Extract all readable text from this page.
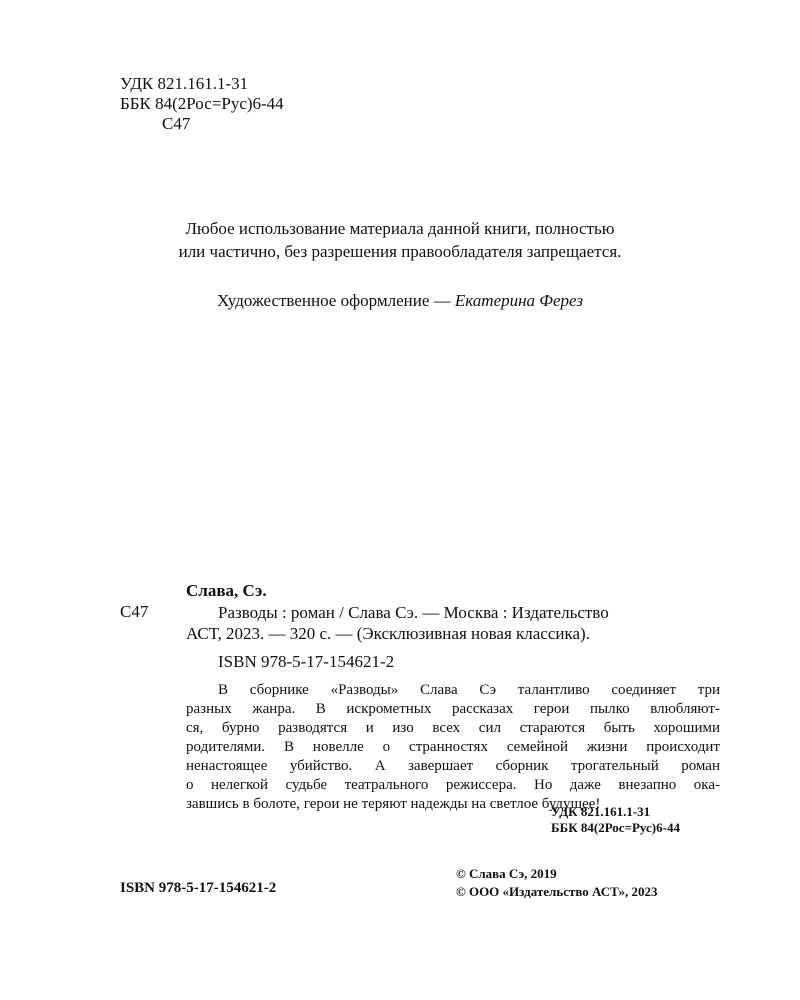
УДК 821.161.1-31
ББК 84(2Рос=Рус)6-44
С47
Любое использование материала данной книги, полностью
или частично, без разрешения правообладателя запрещается.
Художественное оформление — Екатерина Ферез
Слава, Сэ.
С47	Разводы : роман / Слава Сэ. — Москва : Издательство
АСТ, 2023. — 320 с. — (Эксклюзивная новая классика).
ISBN 978-5-17-154621-2
В сборнике «Разводы» Слава Сэ талантливо соединяет три
разных жанра. В искрометных рассказах герои пылко влюбляют-
ся, бурно разводятся и изо всех сил стараются быть хорошими
родителями. В новелле о странностях семейной жизни происходит
ненастоящее убийство. А завершает сборник трогательный роман
о нелегкой судьбе театрального режиссера. Но даже внезапно ока-
завшись в болоте, герои не теряют надежды на светлое будущее!
УДК 821.161.1-31
ББК 84(2Рос=Рус)6-44
ISBN 978-5-17-154621-2
© Слава Сэ, 2019
© ООО «Издательство АСТ», 2023
